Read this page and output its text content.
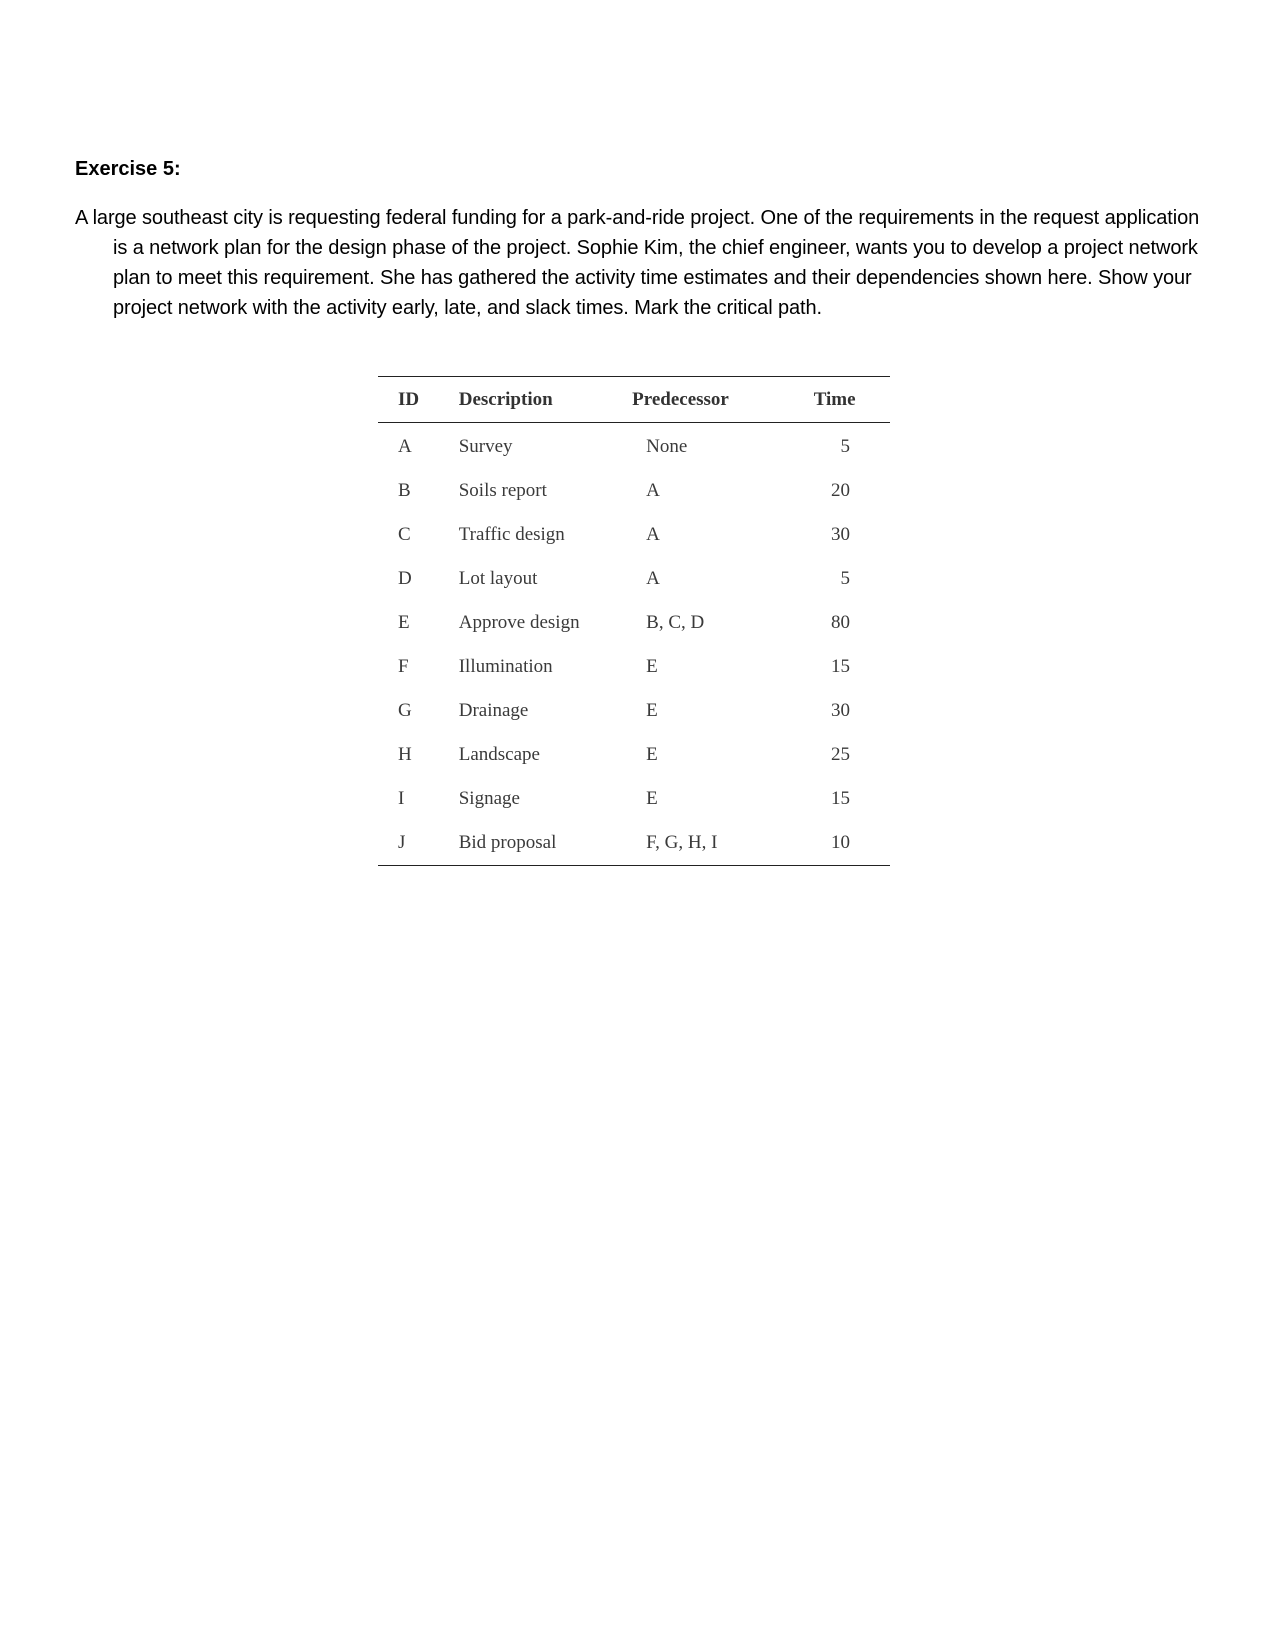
Exercise 5:
A large southeast city is requesting federal funding for a park-and-ride project. One of the requirements in the request application is a network plan for the design phase of the project. Sophie Kim, the chief engineer, wants you to develop a project network plan to meet this requirement. She has gathered the activity time estimates and their dependencies shown here. Show your project network with the activity early, late, and slack times. Mark the critical path.
ID	Description	Predecessor	Time
A	Survey	None	5
B	Soils report	A	20
C	Traffic design	A	30
D	Lot layout	A	5
E	Approve design	B, C, D	80
F	Illumination	E	15
G	Drainage	E	30
H	Landscape	E	25
I	Signage	E	15
J	Bid proposal	F, G, H, I	10
